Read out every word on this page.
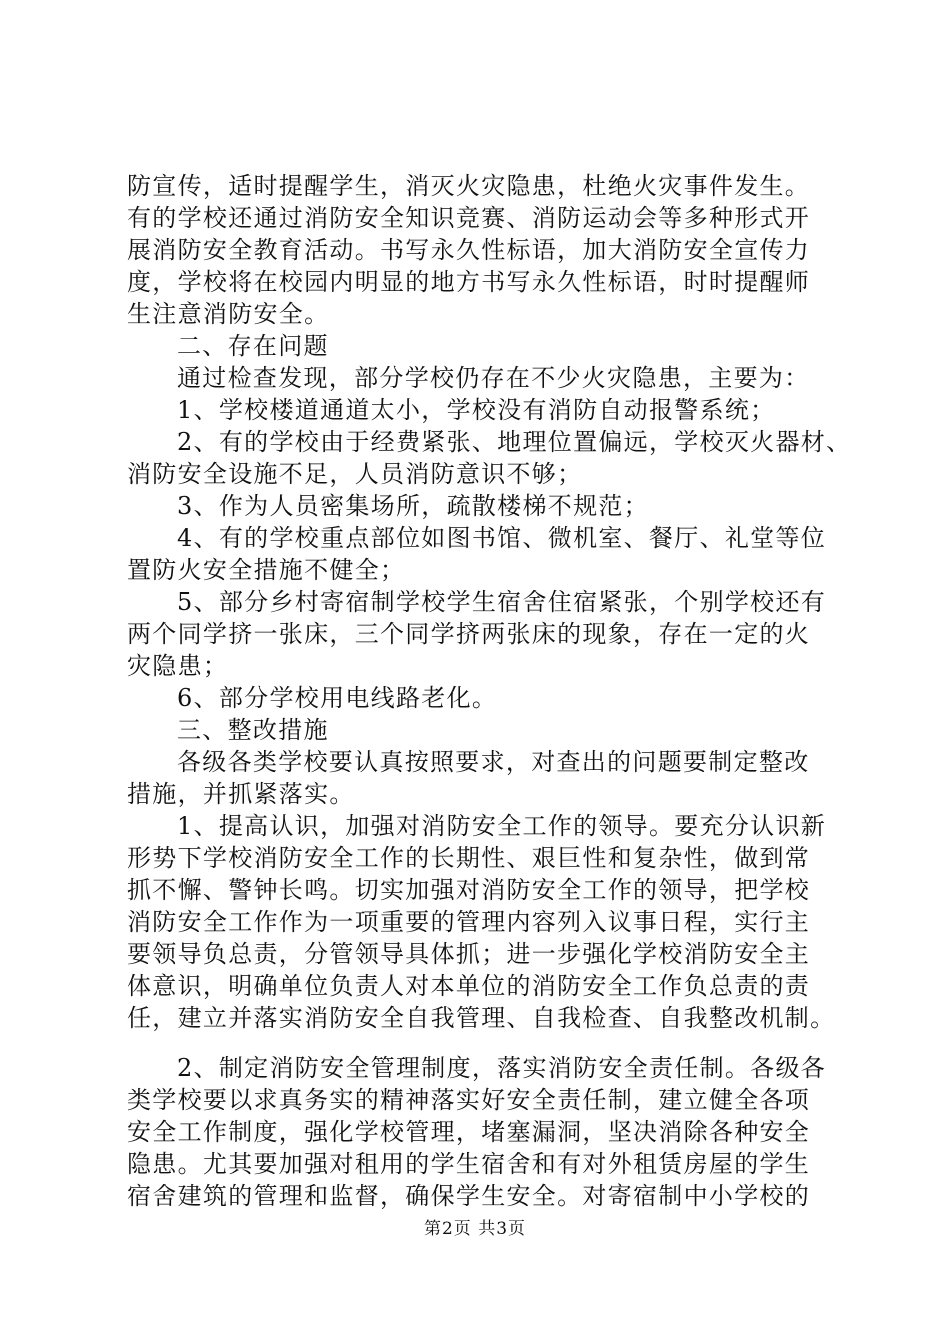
防宣传，适时提醒学生，消灭火灾隐患，杜绝火灾事件发生。
有的学校还通过消防安全知识竞赛、消防运动会等多种形式开
展消防安全教育活动。书写永久性标语，加大消防安全宣传力
度，学校将在校园内明显的地方书写永久性标语，时时提醒师
生注意消防安全。
二、存在问题
通过检查发现，部分学校仍存在不少火灾隐患，主要为：
1、学校楼道通道太小，学校没有消防自动报警系统；
2、有的学校由于经费紧张、地理位置偏远，学校灭火器材、
消防安全设施不足，人员消防意识不够；
3、作为人员密集场所，疏散楼梯不规范；
4、有的学校重点部位如图书馆、微机室、餐厅、礼堂等位
置防火安全措施不健全；
5、部分乡村寄宿制学校学生宿舍住宿紧张，个别学校还有
两个同学挤一张床，三个同学挤两张床的现象，存在一定的火
灾隐患；
6、部分学校用电线路老化。
三、整改措施
各级各类学校要认真按照要求，对查出的问题要制定整改
措施，并抓紧落实。
1、提高认识，加强对消防安全工作的领导。要充分认识新
形势下学校消防安全工作的长期性、艰巨性和复杂性，做到常
抓不懈、警钟长鸣。切实加强对消防安全工作的领导，把学校
消防安全工作作为一项重要的管理内容列入议事日程，实行主
要领导负总责，分管领导具体抓；进一步强化学校消防安全主
体意识，明确单位负责人对本单位的消防安全工作负总责的责
任，建立并落实消防安全自我管理、自我检查、自我整改机制。
2、制定消防安全管理制度，落实消防安全责任制。各级各
类学校要以求真务实的精神落实好安全责任制，建立健全各项
安全工作制度，强化学校管理，堵塞漏洞，坚决消除各种安全
隐患。尤其要加强对租用的学生宿舍和有对外租赁房屋的学生
宿舍建筑的管理和监督，确保学生安全。对寄宿制中小学校的
第2页 共3页
